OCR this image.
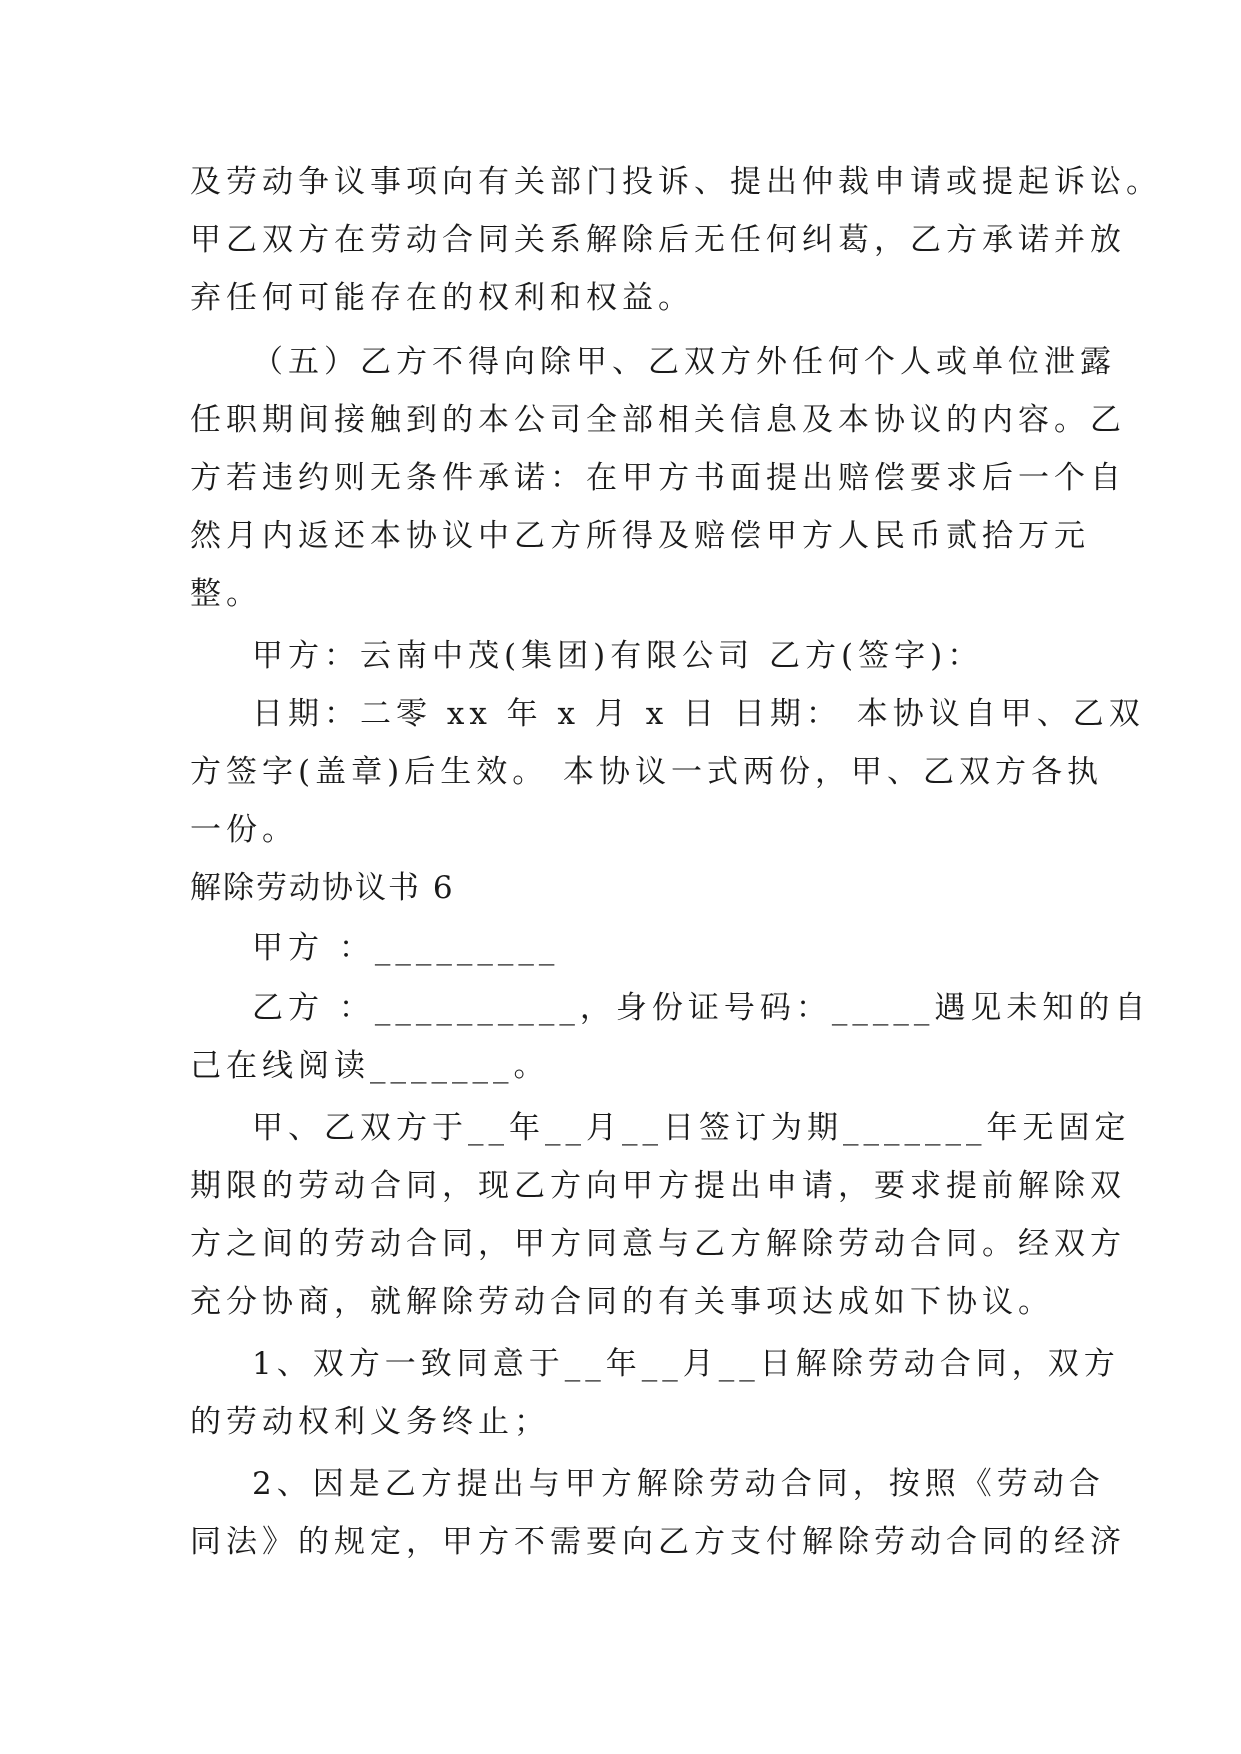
及劳动争议事项向有关部门投诉、提出仲裁申请或提起诉讼。
甲乙双方在劳动合同关系解除后无任何纠葛，乙方承诺并放
弃任何可能存在的权利和权益。
（五）乙方不得向除甲、乙双方外任何个人或单位泄露
任职期间接触到的本公司全部相关信息及本协议的内容。乙
方若违约则无条件承诺：在甲方书面提出赔偿要求后一个自
然月内返还本协议中乙方所得及赔偿甲方人民币贰拾万元
整。
甲方：云南中茂(集团)有限公司 乙方(签字)：
日期：二零 xx 年 x 月 x 日 日期： 本协议自甲、乙双
方签字(盖章)后生效。 本协议一式两份，甲、乙双方各执
一份。
解除劳动协议书 6
甲方 ：_________
乙方 ：__________，身份证号码：_____遇见未知的自
己在线阅读_______。
甲、乙双方于__年__月__日签订为期_______年无固定
期限的劳动合同，现乙方向甲方提出申请，要求提前解除双
方之间的劳动合同，甲方同意与乙方解除劳动合同。经双方
充分协商，就解除劳动合同的有关事项达成如下协议。
1、双方一致同意于__年__月__日解除劳动合同，双方
的劳动权利义务终止；
2、因是乙方提出与甲方解除劳动合同，按照《劳动合
同法》的规定，甲方不需要向乙方支付解除劳动合同的经济
